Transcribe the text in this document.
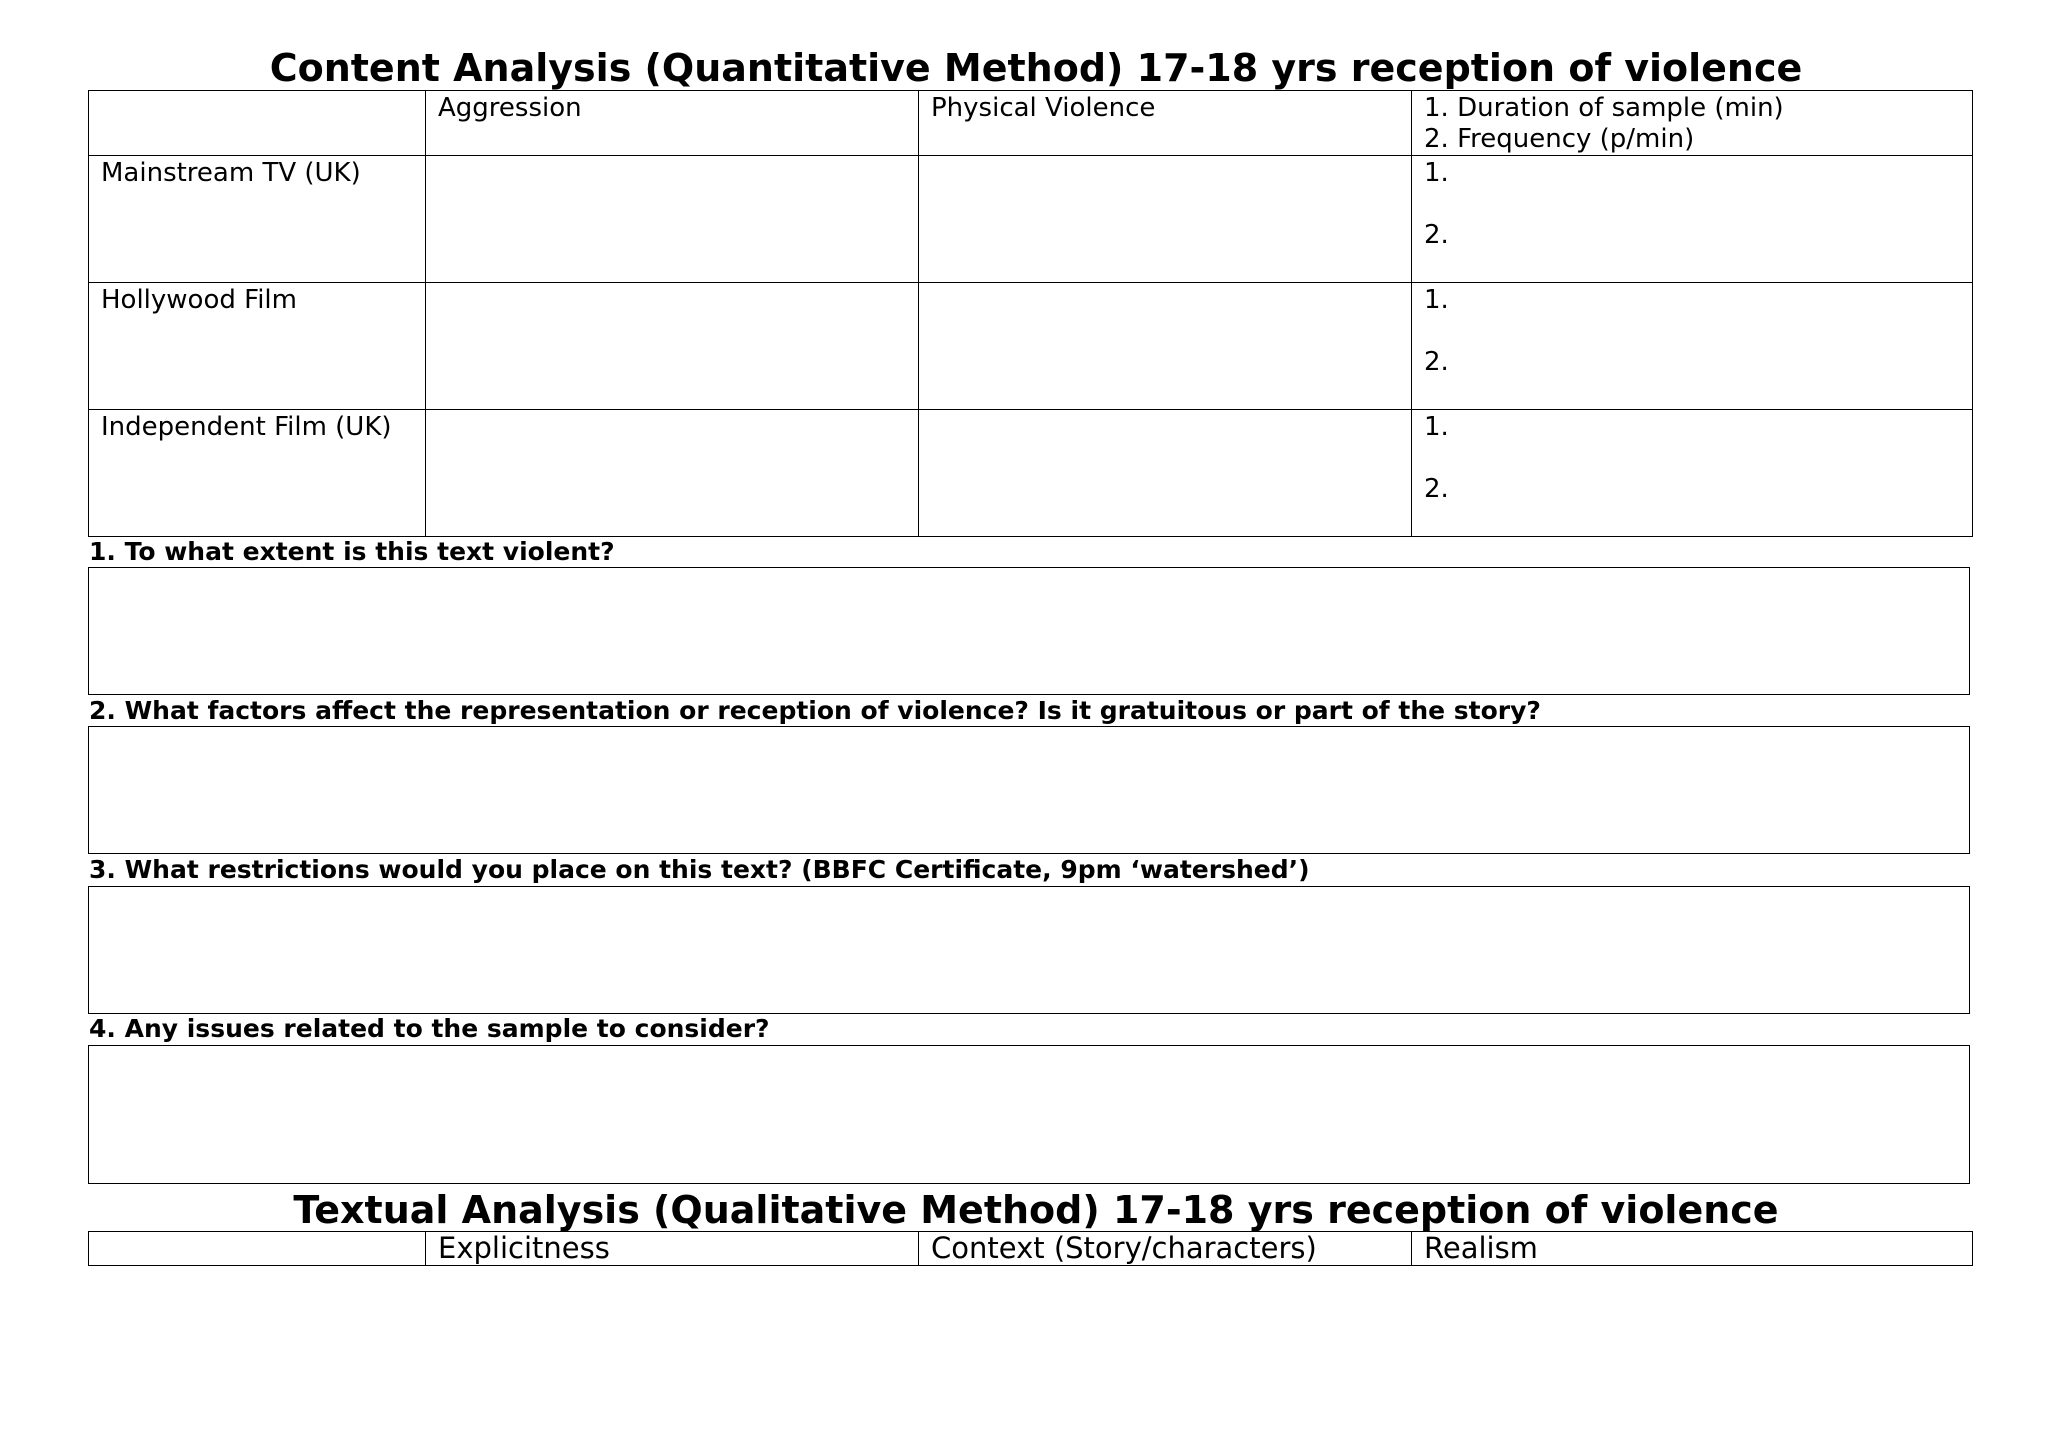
Content Analysis (Quantitative Method) 17-18 yrs reception of violence
	Aggression	Physical Violence	1. Duration of sample (min)
2. Frequency (p/min)

Mainstream TV (UK)			1.
2.

Hollywood Film			1.
2.

Independent Film (UK)			1.
2.
1. To what extent is this text violent?
2. What factors affect the representation or reception of violence? Is it gratuitous or part of the story?
3. What restrictions would you place on this text? (BBFC Certificate, 9pm ‘watershed’)
4. Any issues related to the sample to consider?
Textual Analysis (Qualitative Method) 17-18 yrs reception of violence
	Explicitness	Context (Story/characters)	Realism
